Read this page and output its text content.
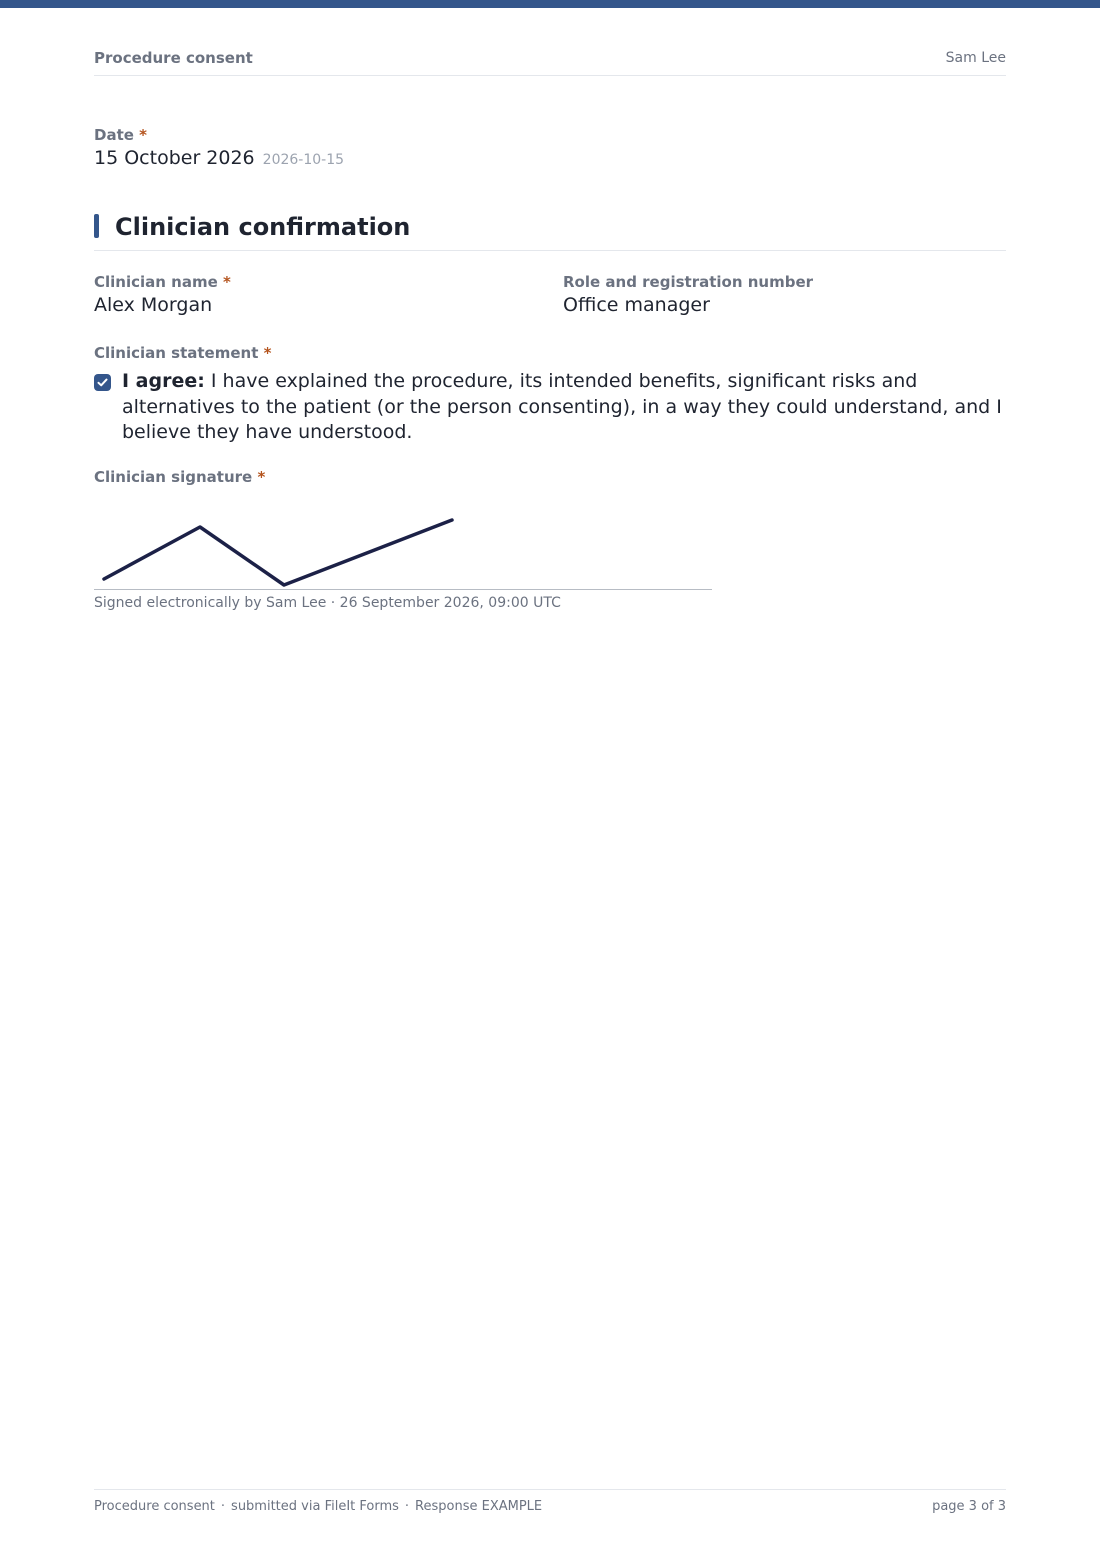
Procedure consent	Sam Lee
Date *
15 October 2026 2026-10-15
Clinician confirmation
Clinician name *
Alex Morgan
Role and registration number
Office manager
Clinician statement *
I agree: I have explained the procedure, its intended benefits, significant risks and alternatives to the patient (or the person consenting), in a way they could understand, and I believe they have understood.
Clinician signature *
Signed electronically by Sam Lee · 26 September 2026, 09:00 UTC
Procedure consent · submitted via FileIt Forms · Response EXAMPLE	page 3 of 3
